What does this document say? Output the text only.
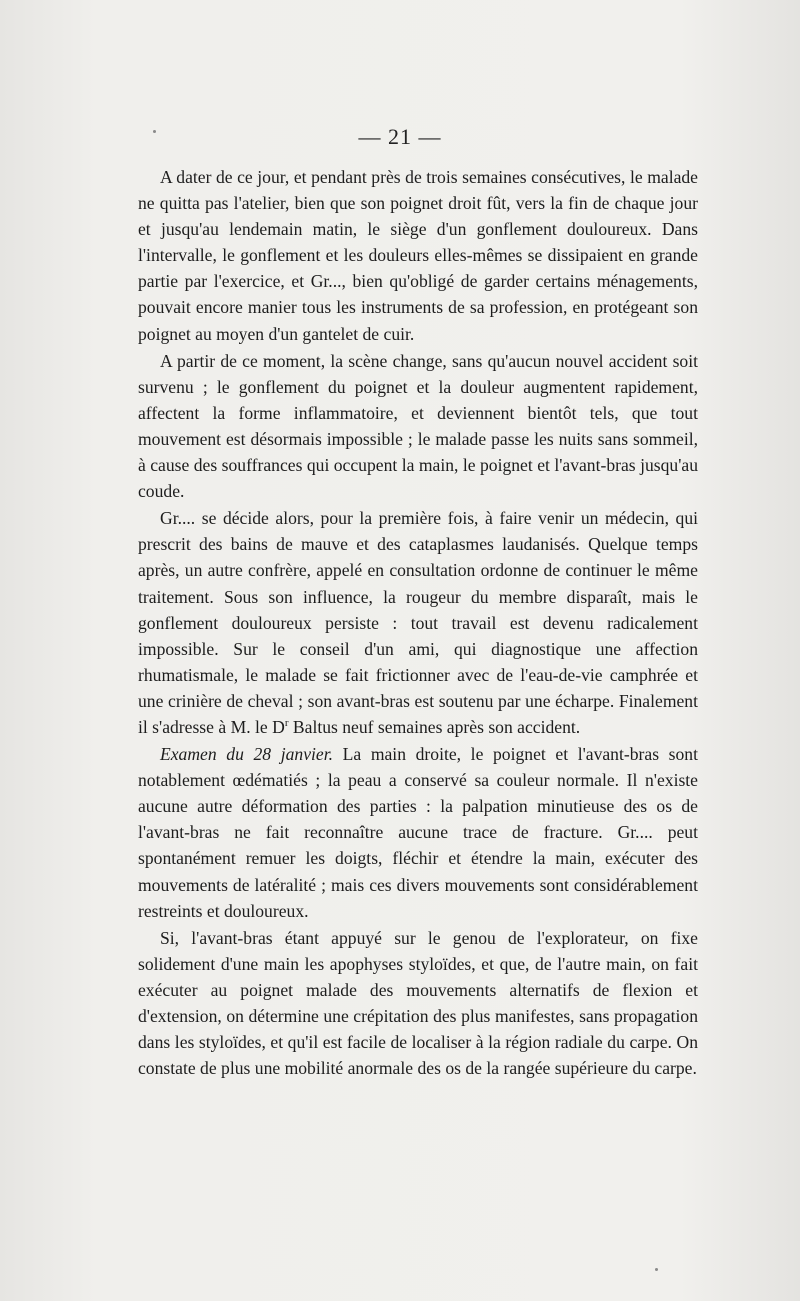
— 21 —

A dater de ce jour, et pendant près de trois semaines consécutives, le malade ne quitta pas l'atelier, bien que son poignet droit fût, vers la fin de chaque jour et jusqu'au lendemain matin, le siège d'un gonflement douloureux. Dans l'intervalle, le gonflement et les douleurs elles-mêmes se dissipaient en grande partie par l'exercice, et Gr..., bien qu'obligé de garder certains ménagements, pouvait encore manier tous les instruments de sa profession, en protégeant son poignet au moyen d'un gantelet de cuir.

A partir de ce moment, la scène change, sans qu'aucun nouvel accident soit survenu ; le gonflement du poignet et la douleur augmentent rapidement, affectent la forme inflammatoire, et deviennent bientôt tels, que tout mouvement est désormais impossible ; le malade passe les nuits sans sommeil, à cause des souffrances qui occupent la main, le poignet et l'avant-bras jusqu'au coude.

Gr.... se décide alors, pour la première fois, à faire venir un médecin, qui prescrit des bains de mauve et des cataplasmes laudanisés. Quelque temps après, un autre confrère, appelé en consultation ordonne de continuer le même traitement. Sous son influence, la rougeur du membre disparaît, mais le gonflement douloureux persiste : tout travail est devenu radicalement impossible. Sur le conseil d'un ami, qui diagnostique une affection rhumatismale, le malade se fait frictionner avec de l'eau-de-vie camphrée et une crinière de cheval ; son avant-bras est soutenu par une écharpe. Finalement il s'adresse à M. le $D^r$ Baltus neuf semaines après son accident.

Examen du 28 janvier. La main droite, le poignet et l'avant-bras sont notablement œdématiés ; la peau a conservé sa couleur normale. Il n'existe aucune autre déformation des parties : la palpation minutieuse des os de l'avant-bras ne fait reconnaître aucune trace de fracture. Gr.... peut spontanément remuer les doigts, fléchir et étendre la main, exécuter des mouvements de latéralité ; mais ces divers mouvements sont considérablement restreints et douloureux.

Si, l'avant-bras étant appuyé sur le genou de l'explorateur, on fixe solidement d'une main les apophyses styloïdes, et que, de l'autre main, on fait exécuter au poignet malade des mouvements alternatifs de flexion et d'extension, on détermine une crépitation des plus manifestes, sans propagation dans les styloïdes, et qu'il est facile de localiser à la région radiale du carpe. On constate de plus une mobilité anormale des os de la rangée supérieure du carpe.
